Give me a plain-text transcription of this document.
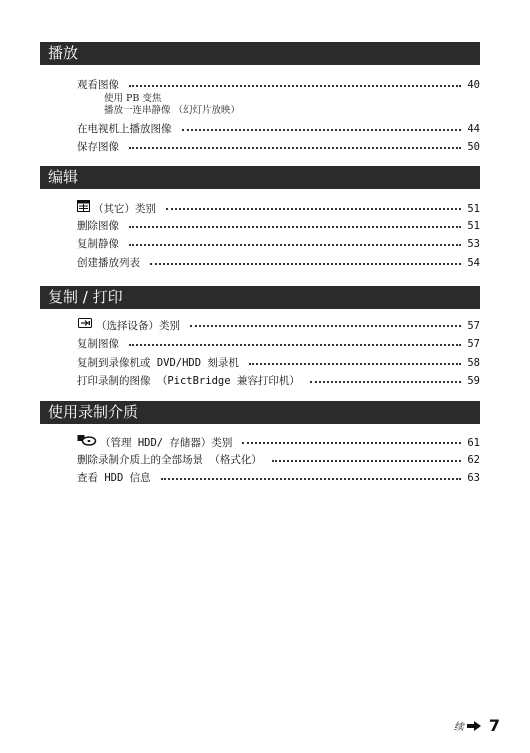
播放
观看图像	40
使用 PB 变焦
播放一连串静像 （幻灯片放映）
在电视机上播放图像	44
保存图像	50
编辑
（其它）类别	51
删除图像	51
复制静像	53
创建播放列表	54
复制 / 打印
（选择设备）类别	57
复制图像	57
复制到录像机或 DVD/HDD 刻录机	58
打印录制的图像 （PictBridge 兼容打印机）	59
使用录制介质
（管理 HDD/ 存储器）类别	61
删除录制介质上的全部场景 （格式化）	62
查看 HDD 信息	63
续 7
